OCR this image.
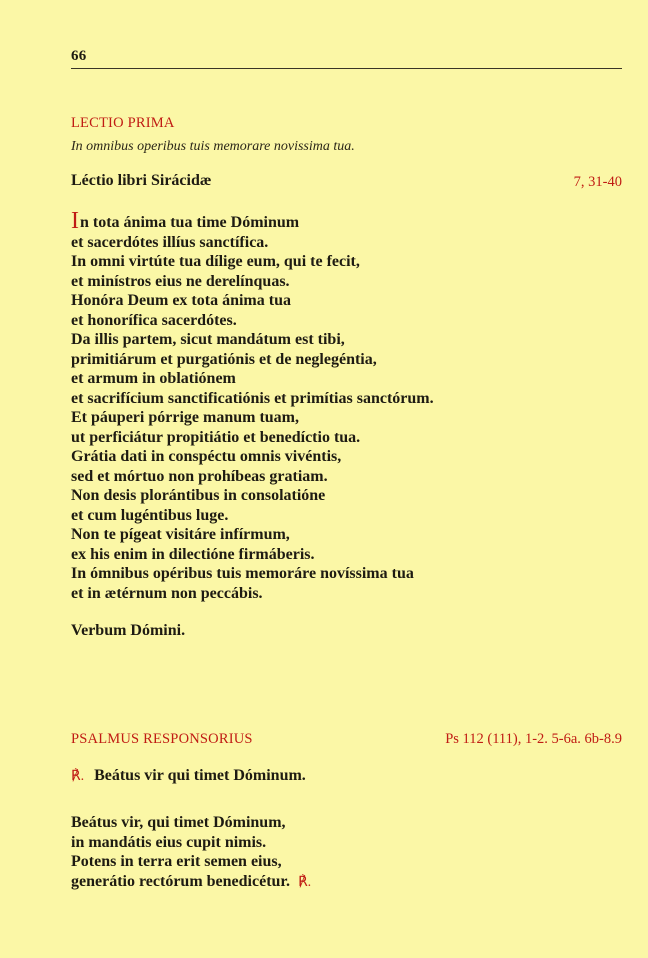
66
LECTIO PRIMA
In omnibus operibus tuis memorare novissima tua.
Léctio libri Sirácidæ	7, 31-40
In tota ánima tua time Dóminum
et sacerdótes illíus sanctífica.
In omni virtúte tua dílige eum, qui te fecit,
et minístros eius ne derelínquas.
Honóra Deum ex tota ánima tua
et honorífica sacerdótes.
Da illis partem, sicut mandátum est tibi,
primitiárum et purgatiónis et de neglegéntia,
et armum in oblatiónem
et sacrifícium sanctificatiónis et primítias sanctórum.
Et páuperi pórrige manum tuam,
ut perficiátur propitiátio et benedíctio tua.
Grátia dati in conspéctu omnis vivéntis,
sed et mórtuo non prohíbeas gratiam.
Non desis plorántibus in consolatióne
et cum lugéntibus luge.
Non te pígeat visitáre infírmum,
ex his enim in dilectióne firmáberis.
In ómnibus opéribus tuis memoráre novíssima tua
et in ætérnum non peccábis.
Verbum Dómini.
PSALMUS RESPONSORIUS	Ps 112 (111), 1-2. 5-6a. 6b-8.9
℟. Beátus vir qui timet Dóminum.
Beátus vir, qui timet Dóminum,
in mandátis eius cupit nimis.
Potens in terra erit semen eius,
generátio rectórum benedicétur. ℟.
